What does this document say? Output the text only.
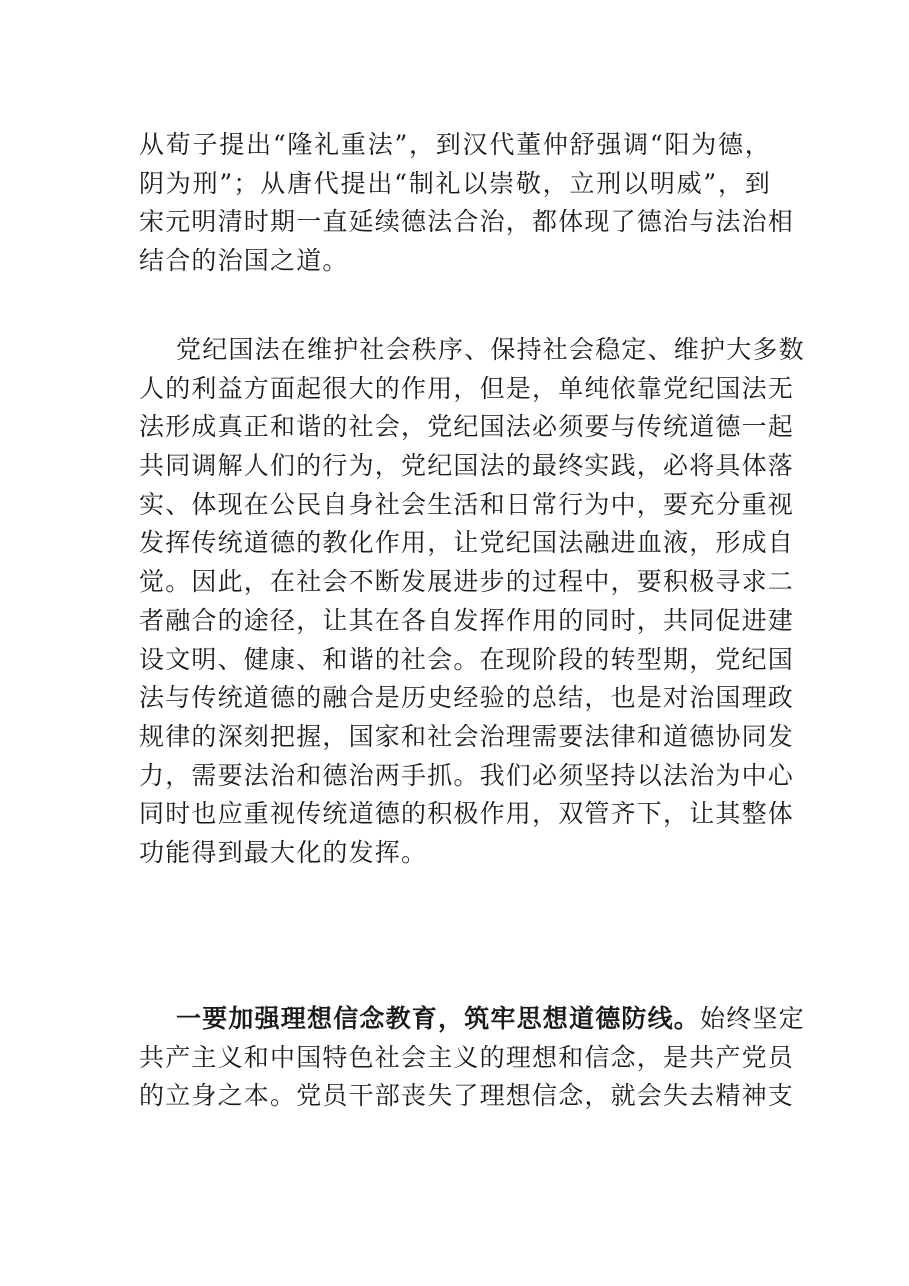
从荀子提出“隆礼重法”，到汉代董仲舒强调“阳为德，
阴为刑”；从唐代提出“制礼以崇敬，立刑以明威”，到
宋元明清时期一直延续德法合治，都体现了德治与法治相
结合的治国之道。
党纪国法在维护社会秩序、保持社会稳定、维护大多数
人的利益方面起很大的作用，但是，单纯依靠党纪国法无
法形成真正和谐的社会，党纪国法必须要与传统道德一起
共同调解人们的行为，党纪国法的最终实践，必将具体落
实、体现在公民自身社会生活和日常行为中，要充分重视
发挥传统道德的教化作用，让党纪国法融进血液，形成自
觉。因此，在社会不断发展进步的过程中，要积极寻求二
者融合的途径，让其在各自发挥作用的同时，共同促进建
设文明、健康、和谐的社会。在现阶段的转型期，党纪国
法与传统道德的融合是历史经验的总结，也是对治国理政
规律的深刻把握，国家和社会治理需要法律和道德协同发
力，需要法治和德治两手抓。我们必须坚持以法治为中心
同时也应重视传统道德的积极作用，双管齐下，让其整体
功能得到最大化的发挥。
一要加强理想信念教育，筑牢思想道德防线。始终坚定
共产主义和中国特色社会主义的理想和信念，是共产党员
的立身之本。党员干部丧失了理想信念，就会失去精神支
